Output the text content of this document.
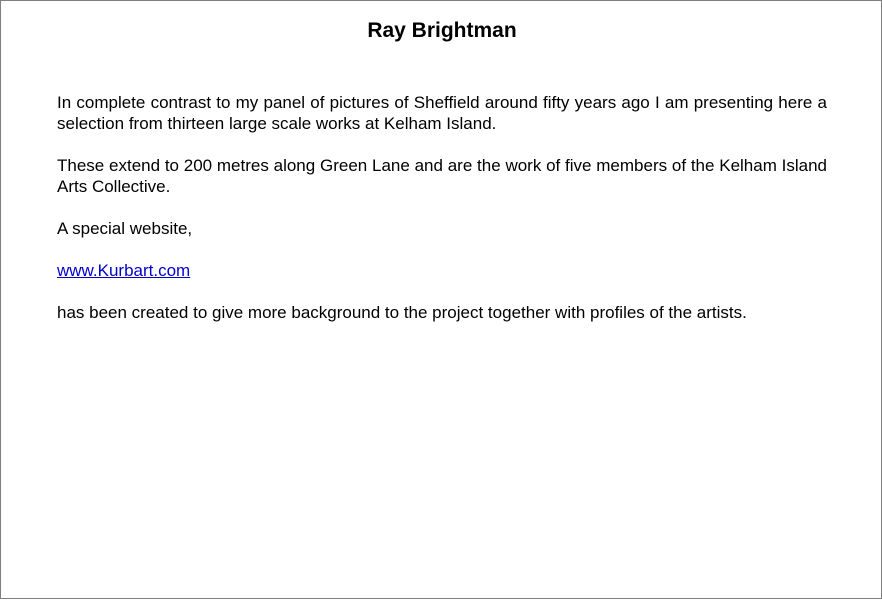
Ray Brightman

In complete contrast to my panel of pictures of Sheffield around fifty years ago I am presenting here a selection from thirteen large scale works at Kelham Island.

These extend to 200 metres along Green Lane and are the work of five members of the Kelham Island Arts Collective.

A special website,

www.Kurbart.com

has been created to give more background to the project together with profiles of the artists.
